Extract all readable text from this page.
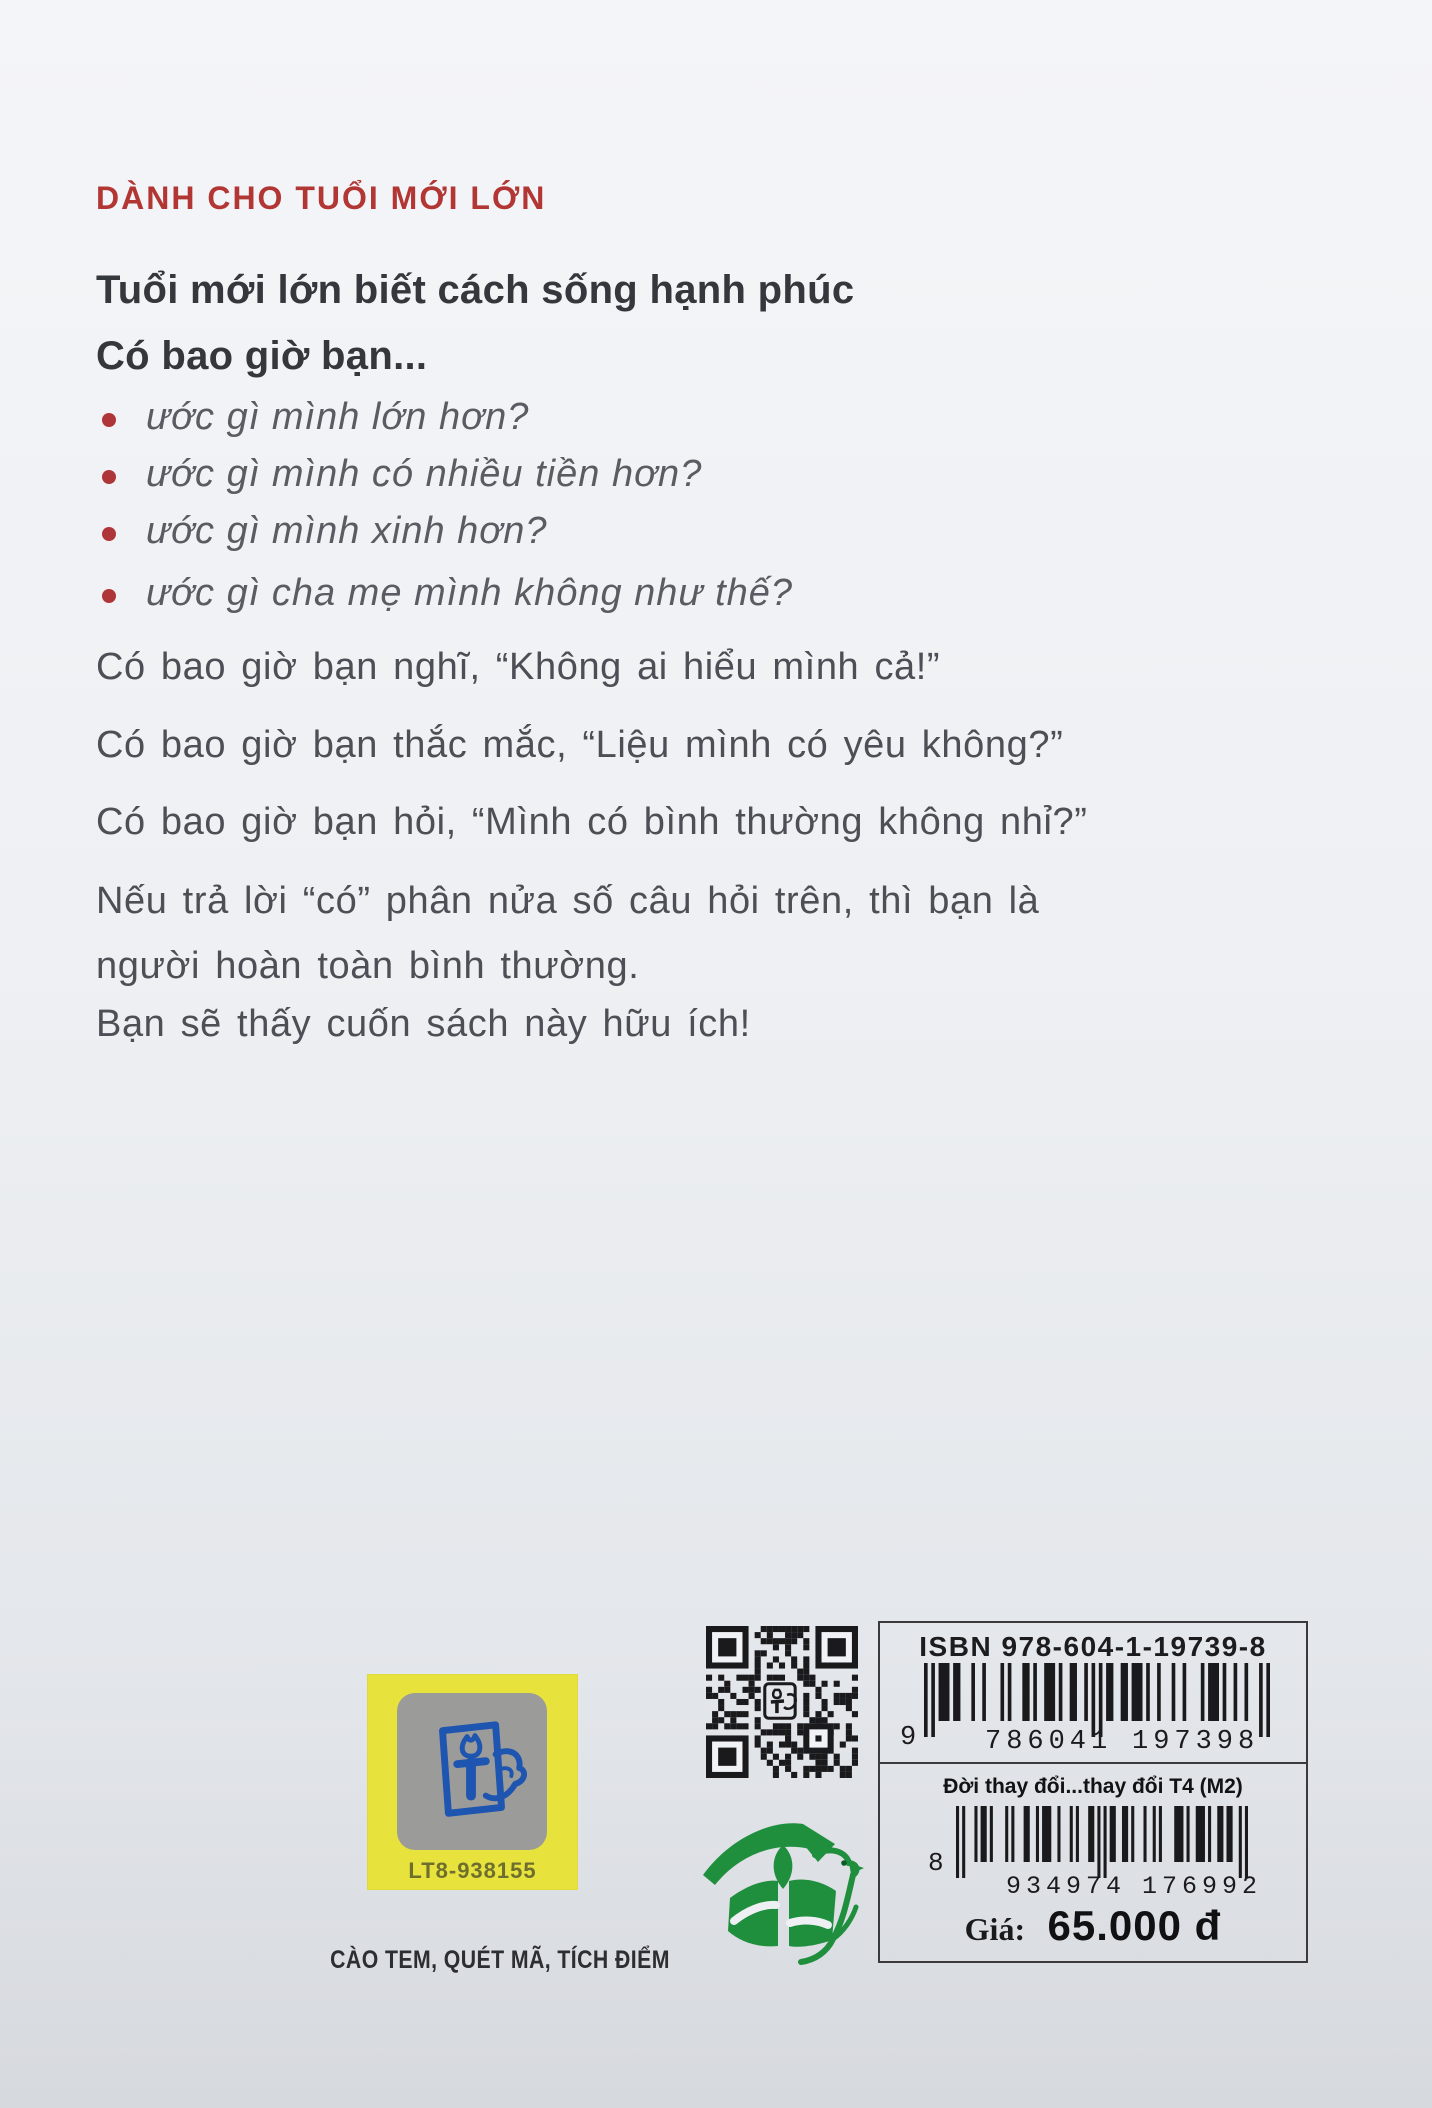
DÀNH CHO TUỔI MỚI LỚN
Tuổi mới lớn biết cách sống hạnh phúc
Có bao giờ bạn...
ước gì mình lớn hơn?
ước gì mình có nhiều tiền hơn?
ước gì mình xinh hơn?
ước gì cha mẹ mình không như thế?
Có bao giờ bạn nghĩ, “Không ai hiểu mình cả!”
Có bao giờ bạn thắc mắc, “Liệu mình có yêu không?”
Có bao giờ bạn hỏi, “Mình có bình thường không nhỉ?”
Nếu trả lời “có” phân nửa số câu hỏi trên, thì bạn là
người hoàn toàn bình thường.
Bạn sẽ thấy cuốn sách này hữu ích!
LT8-938155
CÀO TEM, QUÉT MÃ, TÍCH ĐIỂM
ISBN 978-604-1-19739-8
9 786041 197398
Đời thay đổi...thay đổi T4 (M2)
8
934974 176992
Giá: 65.000 đ
